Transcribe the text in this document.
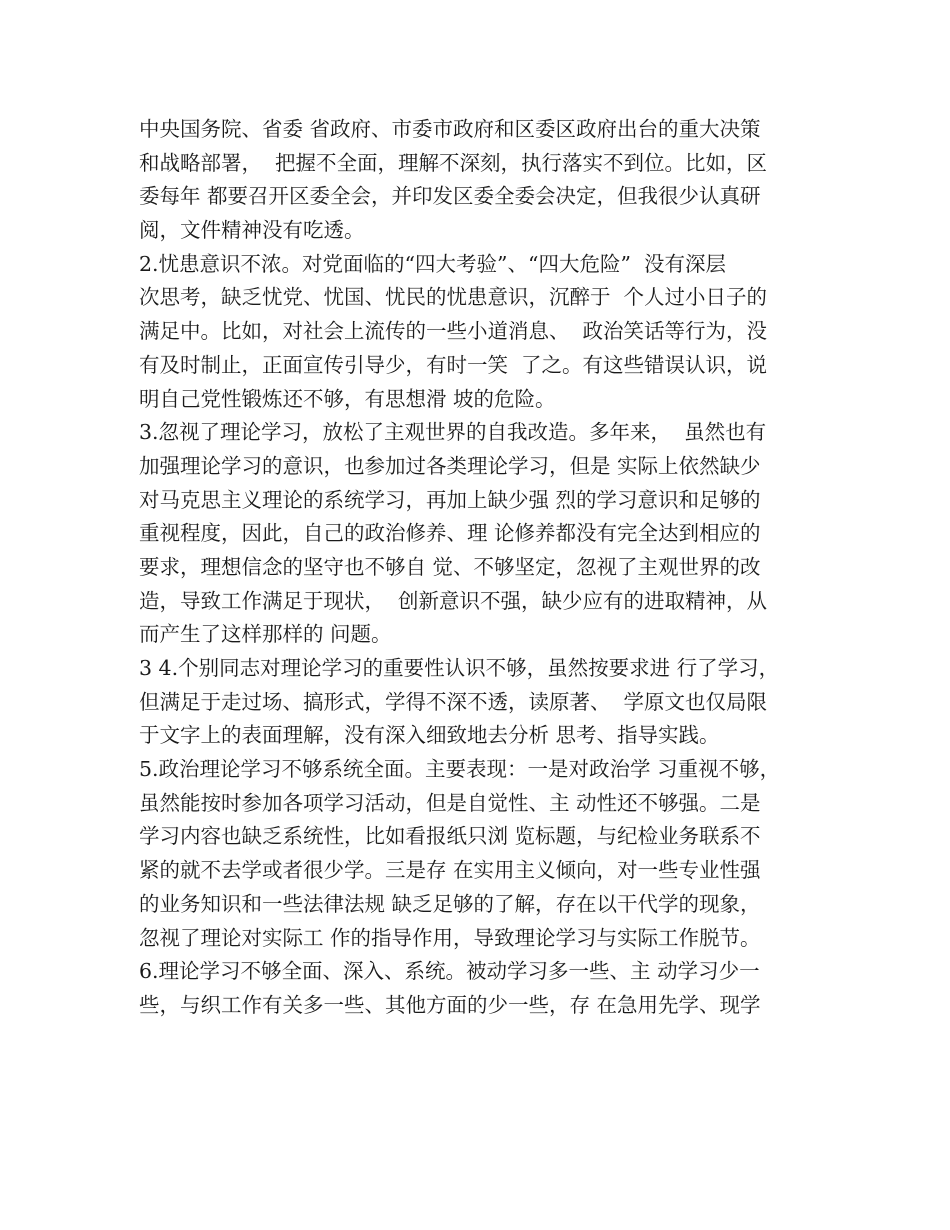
中央国务院、省委 省政府、市委市政府和区委区政府出台的重大决策
和战略部署，  把握不全面，理解不深刻，执行落实不到位。比如，区
委每年 都要召开区委全会，并印发区委全委会决定，但我很少认真研
阅，文件精神没有吃透。
2.忧患意识不浓。对党面临的“四大考验”、“四大危险”  没有深层
次思考，缺乏忧党、忧国、忧民的忧患意识，沉醉于  个人过小日子的
满足中。比如，对社会上流传的一些小道消息、  政治笑话等行为，没
有及时制止，正面宣传引导少，有时一笑  了之。有这些错误认识，说
明自己党性锻炼还不够，有思想滑 坡的危险。
3.忽视了理论学习，放松了主观世界的自我改造。多年来，  虽然也有
加强理论学习的意识，也参加过各类理论学习，但是 实际上依然缺少
对马克思主义理论的系统学习，再加上缺少强 烈的学习意识和足够的
重视程度，因此，自己的政治修养、理 论修养都没有完全达到相应的
要求，理想信念的坚守也不够自 觉、不够坚定，忽视了主观世界的改
造，导致工作满足于现状，  创新意识不强，缺少应有的进取精神，从
而产生了这样那样的 问题。
3 4.个别同志对理论学习的重要性认识不够，虽然按要求进 行了学习，
但满足于走过场、搞形式，学得不深不透，读原著、  学原文也仅局限
于文字上的表面理解，没有深入细致地去分析 思考、指导实践。
5.政治理论学习不够系统全面。主要表现：一是对政治学 习重视不够，
虽然能按时参加各项学习活动，但是自觉性、主 动性还不够强。二是
学习内容也缺乏系统性，比如看报纸只浏 览标题，与纪检业务联系不
紧的就不去学或者很少学。三是存 在实用主义倾向，对一些专业性强
的业务知识和一些法律法规 缺乏足够的了解，存在以干代学的现象，
忽视了理论对实际工 作的指导作用，导致理论学习与实际工作脱节。
6.理论学习不够全面、深入、系统。被动学习多一些、主 动学习少一
些，与织工作有关多一些、其他方面的少一些，存 在急用先学、现学
